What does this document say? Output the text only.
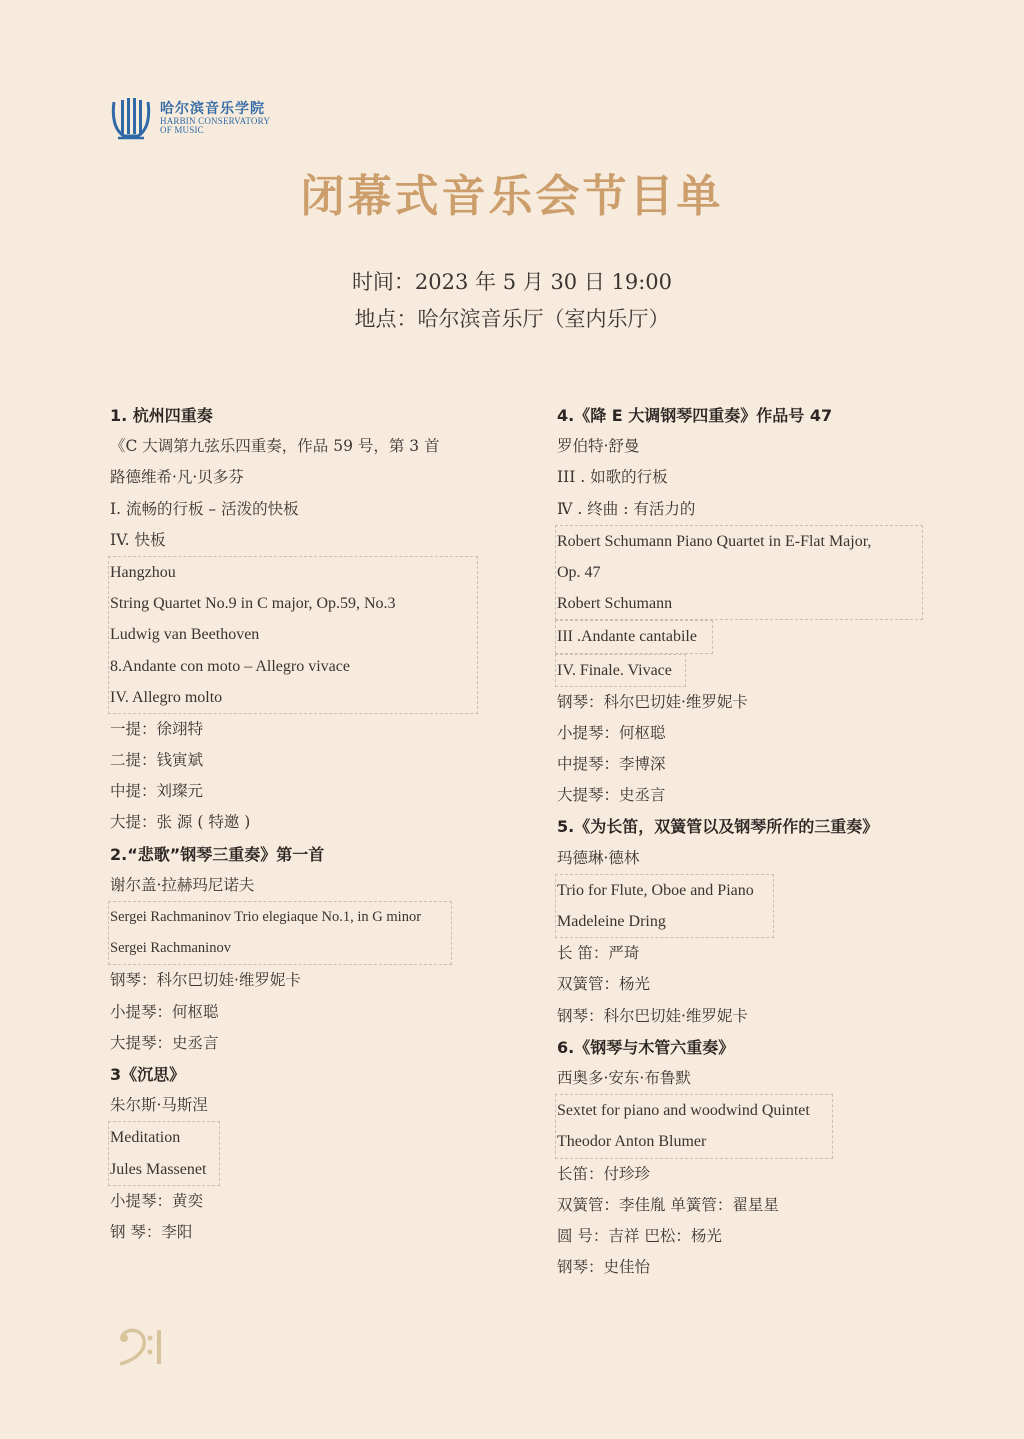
哈尔滨音乐学院
HARBIN CONSERVATORY
OF MUSIC
闭幕式音乐会节目单
时间：2023 年 5 月 30 日 19:00
地点：哈尔滨音乐厅（室内乐厅）
1. 杭州四重奏
《C 大调第九弦乐四重奏，作品 59 号，第 3 首
路德维希·凡·贝多芬
I. 流畅的行板 – 活泼的快板
IV. 快板
Hangzhou
String Quartet No.9 in C major, Op.59, No.3
Ludwig van Beethoven
8.Andante con moto – Allegro vivace
IV. Allegro molto
一提：徐翊特
二提：钱寅斌
中提：刘璨元
大提：张 源 ( 特邀 )
2.“悲歌”钢琴三重奏》第一首
谢尔盖·拉赫玛尼诺夫
Sergei Rachmaninov Trio elegiaque No.1, in G minor
Sergei Rachmaninov
钢琴：科尔巴切娃·维罗妮卡
小提琴：何枢聪
大提琴：史丞言
3《沉思》
朱尔斯·马斯涅
Meditation
Jules Massenet
小提琴：黄奕
钢 琴：李阳
4.《降 E 大调钢琴四重奏》作品号 47
罗伯特·舒曼
III . 如歌的行板
Ⅳ . 终曲 : 有活力的
Robert Schumann Piano Quartet in E-Flat Major,
Op. 47
Robert Schumann
III .Andante cantabile
IV. Finale. Vivace
钢琴：科尔巴切娃·维罗妮卡
小提琴：何枢聪
中提琴：李博深
大提琴：史丞言
5.《为长笛，双簧管以及钢琴所作的三重奏》
玛德琳·德林
Trio for Flute, Oboe and Piano
Madeleine Dring
长 笛：严琦
双簧管：杨光
钢琴：科尔巴切娃·维罗妮卡
6.《钢琴与木管六重奏》
西奥多·安东·布鲁默
Sextet for piano and woodwind Quintet
Theodor Anton Blumer
长笛：付珍珍
双簧管：李佳胤 单簧管：翟星星
圆 号：吉祥 巴松：杨光
钢琴：史佳怡
